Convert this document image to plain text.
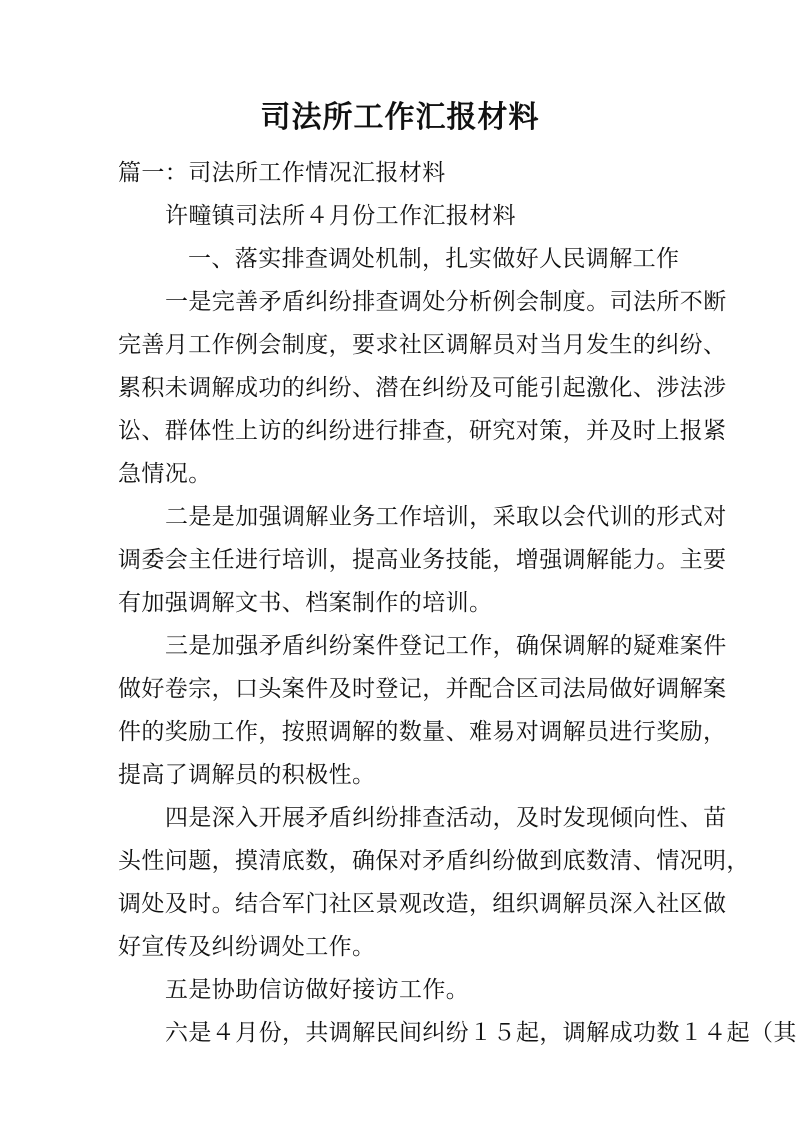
司法所工作汇报材料
篇一：司法所工作情况汇报材料
许疃镇司法所４月份工作汇报材料
一、落实排查调处机制，扎实做好人民调解工作
一是完善矛盾纠纷排查调处分析例会制度。司法所不断
完善月工作例会制度，要求社区调解员对当月发生的纠纷、
累积未调解成功的纠纷、潜在纠纷及可能引起激化、涉法涉
讼、群体性上访的纠纷进行排查，研究对策，并及时上报紧
急情况。
二是是加强调解业务工作培训，采取以会代训的形式对
调委会主任进行培训，提高业务技能，增强调解能力。主要
有加强调解文书、档案制作的培训。
三是加强矛盾纠纷案件登记工作，确保调解的疑难案件
做好卷宗，口头案件及时登记，并配合区司法局做好调解案
件的奖励工作，按照调解的数量、难易对调解员进行奖励，
提高了调解员的积极性。
四是深入开展矛盾纠纷排查活动，及时发现倾向性、苗
头性问题，摸清底数，确保对矛盾纠纷做到底数清、情况明，
调处及时。结合军门社区景观改造，组织调解员深入社区做
好宣传及纠纷调处工作。
五是协助信访做好接访工作。
六是４月份，共调解民间纠纷１５起，调解成功数１４起（其
